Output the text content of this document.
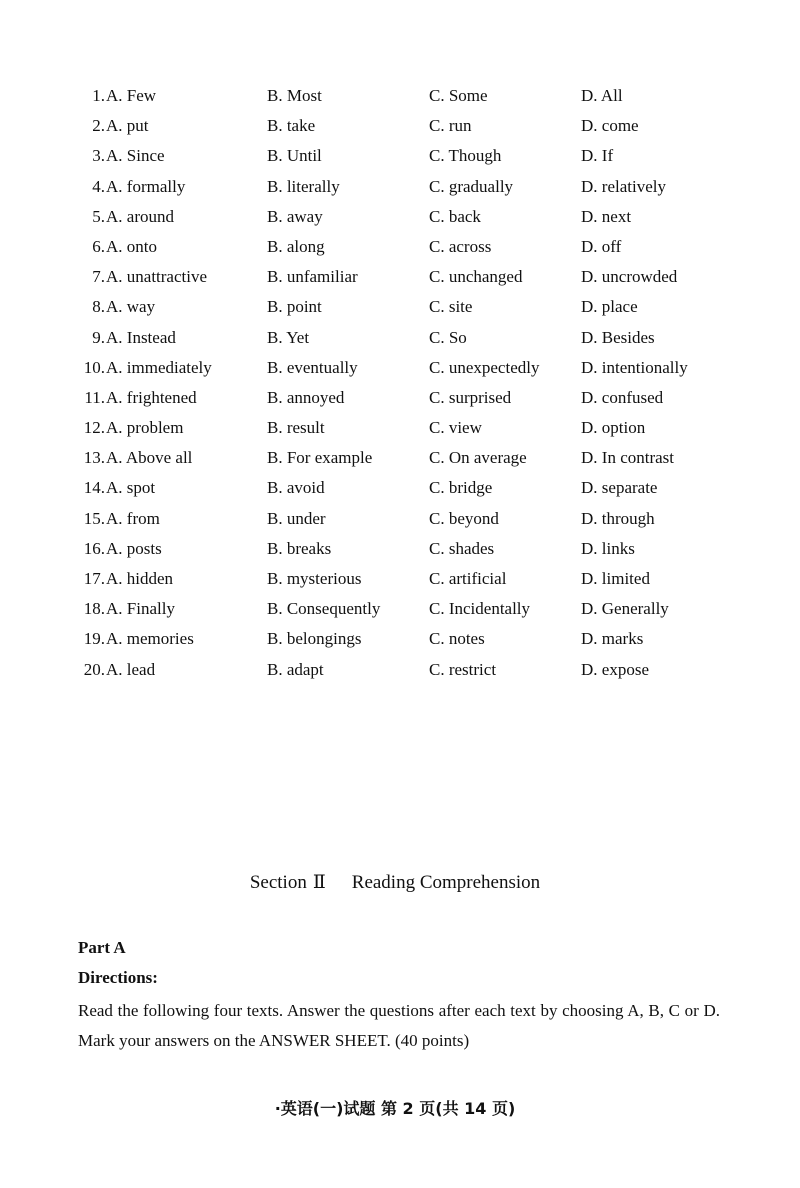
1.A. Few	B. Most	C. Some	D. All
2.A. put	B. take	C. run	D. come
3.A. Since	B. Until	C. Though	D. If
4.A. formally	B. literally	C. gradually	D. relatively
5.A. around	B. away	C. back	D. next
6.A. onto	B. along	C. across	D. off
7.A. unattractive	B. unfamiliar	C. unchanged	D. uncrowded
8.A. way	B. point	C. site	D. place
9.A. Instead	B. Yet	C. So	D. Besides
10.A. immediately	B. eventually	C. unexpectedly D. intentionally
11.A. frightened	B. annoyed	C. surprised	D. confused
12.A. problem	B. result	C. view	D. option
13.A. Above all	B. For example	C. On average	D. In contrast
14.A. spot	B. avoid	C. bridge	D. separate
15.A. from	B. under	C. beyond	D. through
16.A. posts	B. breaks	C. shades	D. links
17.A. hidden	B. mysterious	C. artificial	D. limited
18.A. Finally	B. Consequently	C. Incidentally	D. Generally
19.A. memories	B. belongings	C. notes	D. marks
20.A. lead	B. adapt	C. restrict	D. expose
Section Ⅱ Reading Comprehension
Part A
Directions:
Read the following four texts. Answer the questions after each text by choosing A, B, C or D. Mark your answers on the ANSWER SHEET. (40 points)
·英语(一)试题 第 2 页(共 14 页)
